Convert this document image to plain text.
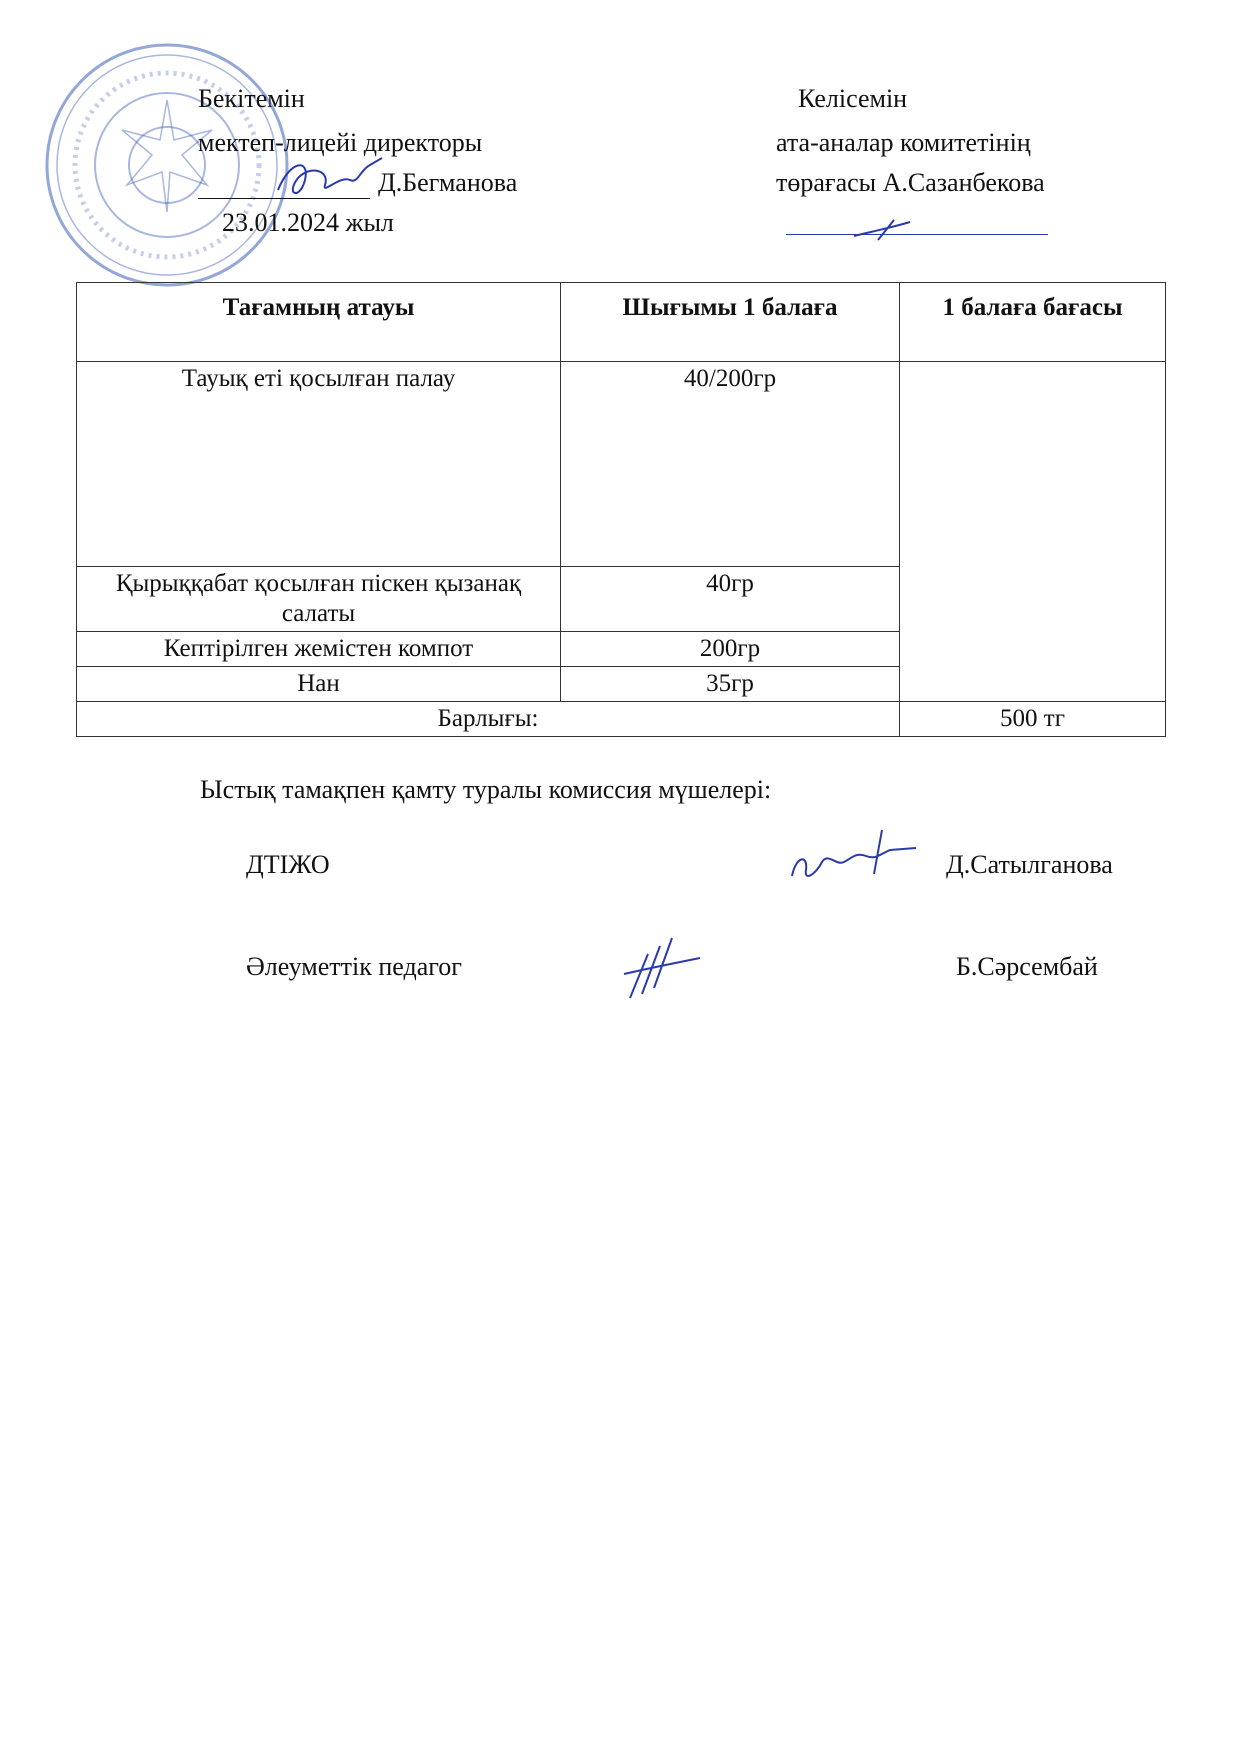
Бекітемін
мектеп-лицейі директоры
Д.Бегманова
23.01.2024 жыл
Келісемін
ата-аналар комитетінің
төрағасы А.Сазанбекова
Тағамның атауы	Шығымы 1 балаға	1 балаға бағасы
Тауық еті қосылған палау	40/200гр	
Қырыққабат қосылған піскен қызанақ салаты	40гр	
Кептірілген жемістен компот	200гр	
Нан	35гр	
Барлығы:		500 тг
Ыстық тамақпен қамту туралы комиссия мүшелері:
ДТІЖО	Д.Сатылганова
Әлеуметтік педагог	Б.Сәрсембай
